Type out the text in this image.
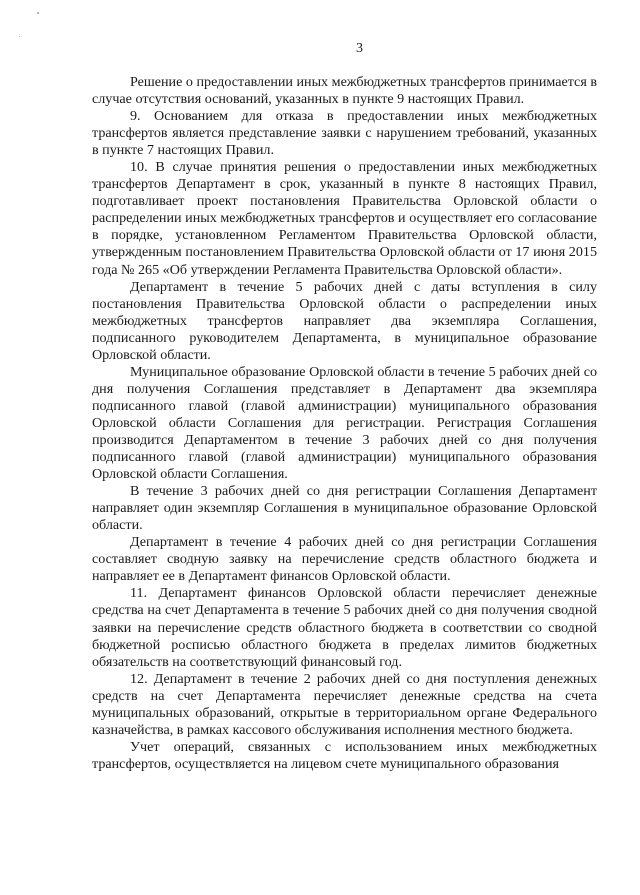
3

Решение о предоставлении иных межбюджетных трансфертов принимается в случае отсутствия оснований, указанных в пункте 9 настоящих Правил.

9. Основанием для отказа в предоставлении иных межбюджетных трансфертов является представление заявки с нарушением требований, указанных в пункте 7 настоящих Правил.

10. В случае принятия решения о предоставлении иных межбюджетных трансфертов Департамент в срок, указанный в пункте 8 настоящих Правил, подготавливает проект постановления Правительства Орловской области о распределении иных межбюджетных трансфертов и осуществляет его согласование в порядке, установленном Регламентом Правительства Орловской области, утвержденным постановлением Правительства Орловской области от 17 июня 2015 года № 265 «Об утверждении Регламента Правительства Орловской области».

Департамент в течение 5 рабочих дней с даты вступления в силу постановления Правительства Орловской области о распределении иных межбюджетных трансфертов направляет два экземпляра Соглашения, подписанного руководителем Департамента, в муниципальное образование Орловской области.

Муниципальное образование Орловской области в течение 5 рабочих дней со дня получения Соглашения представляет в Департамент два экземпляра подписанного главой (главой администрации) муниципального образования Орловской области Соглашения для регистрации. Регистрация Соглашения производится Департаментом в течение 3 рабочих дней со дня получения подписанного главой (главой администрации) муниципального образования Орловской области Соглашения.

В течение 3 рабочих дней со дня регистрации Соглашения Департамент направляет один экземпляр Соглашения в муниципальное образование Орловской области.

Департамент в течение 4 рабочих дней со дня регистрации Соглашения составляет сводную заявку на перечисление средств областного бюджета и направляет ее в Департамент финансов Орловской области.

11. Департамент финансов Орловской области перечисляет денежные средства на счет Департамента в течение 5 рабочих дней со дня получения сводной заявки на перечисление средств областного бюджета в соответствии со сводной бюджетной росписью областного бюджета в пределах лимитов бюджетных обязательств на соответствующий финансовый год.

12. Департамент в течение 2 рабочих дней со дня поступления денежных средств на счет Департамента перечисляет денежные средства на счета муниципальных образований, открытые в территориальном органе Федерального казначейства, в рамках кассового обслуживания исполнения местного бюджета.

Учет операций, связанных с использованием иных межбюджетных трансфертов, осуществляется на лицевом счете муниципального образования
